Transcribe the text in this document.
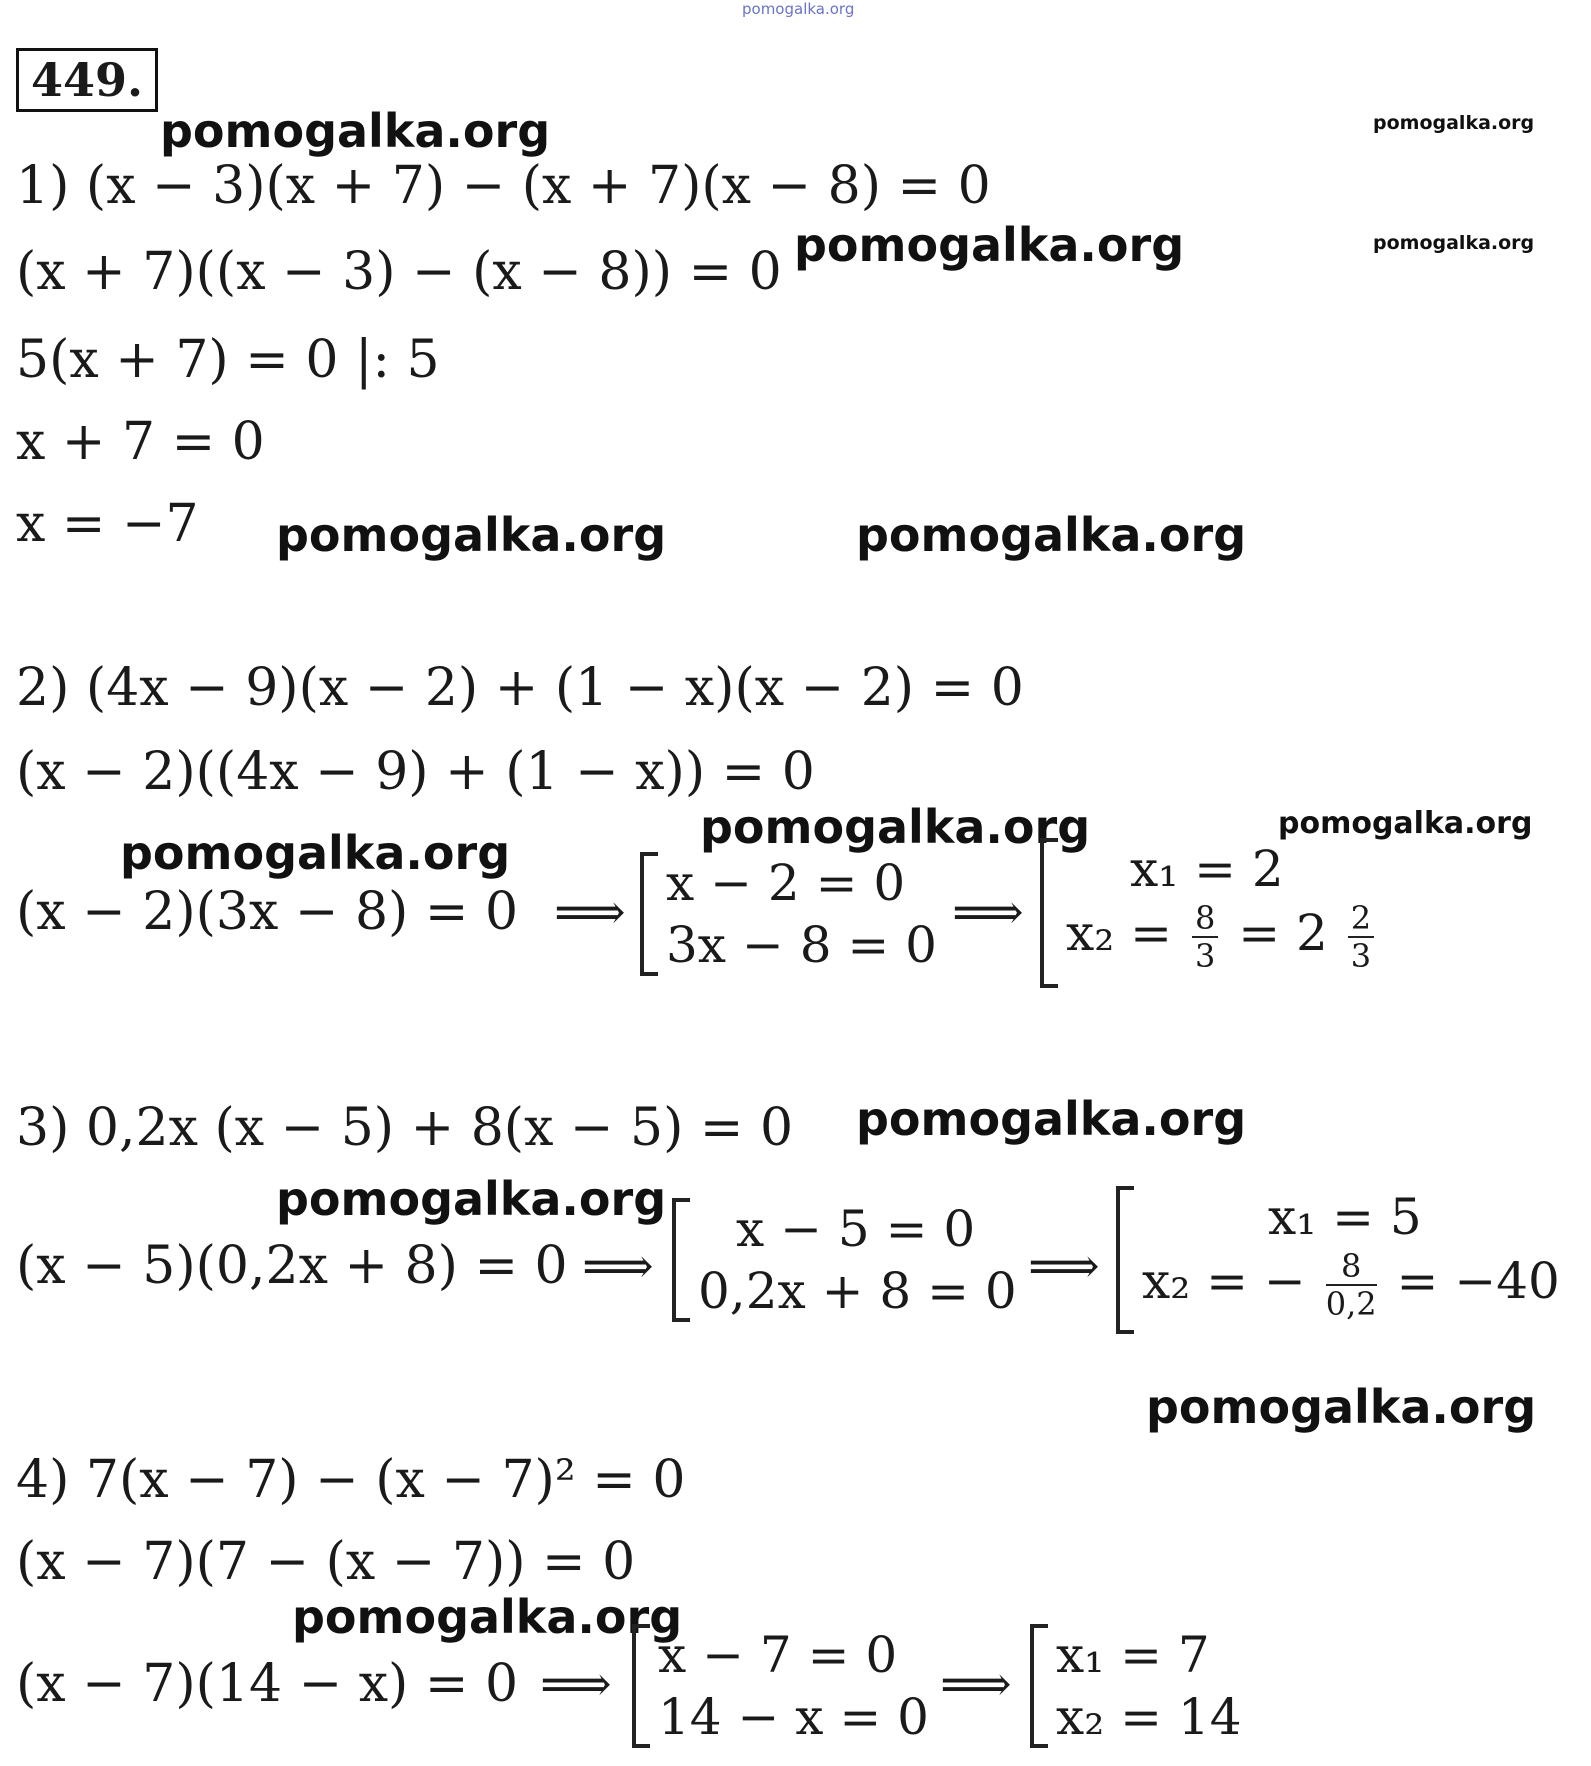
pomogalka.org
449.
pomogalka.org	pomogalka.org
pomogalka.org	pomogalka.org
pomogalka.org	pomogalka.org
pomogalka.org	pomogalka.org
pomogalka.org
pomogalka.org
pomogalka.org
pomogalka.org
pomogalka.org
1) (x − 3)(x + 7) − (x + 7)(x − 8) = 0
(x + 7)((x − 3) − (x − 8)) = 0
5(x + 7) = 0 |: 5
x + 7 = 0
x = −7
2) (4x − 9)(x − 2) + (1 − x)(x − 2) = 0
(x − 2)((4x − 9) + (1 − x)) = 0
(x − 2)(3x − 8) = 0 ⟹ x − 2 = 0
3x − 8 = 0
⟹
x₁ = 2
$x_2 = \frac{8}{3} = 2 \frac{2}{3}$
3) 0,2x (x − 5) + 8(x − 5) = 0
(x − 5)(0,2x + 8) = 0 ⟹
x − 5 = 0
0,2x + 8 = 0 ⟹
x₁ = 5
x₂ = − $\frac{8}{0,2} = -40$
4) 7(x − 7) − (x − 7)² = 0
(x − 7)(7 − (x − 7)) = 0
(x − 7)(14 − x) = 0 ⟹ x − 7 = 0
14 − x = 0
⟹ x₁ = 7
x₂ = 14
